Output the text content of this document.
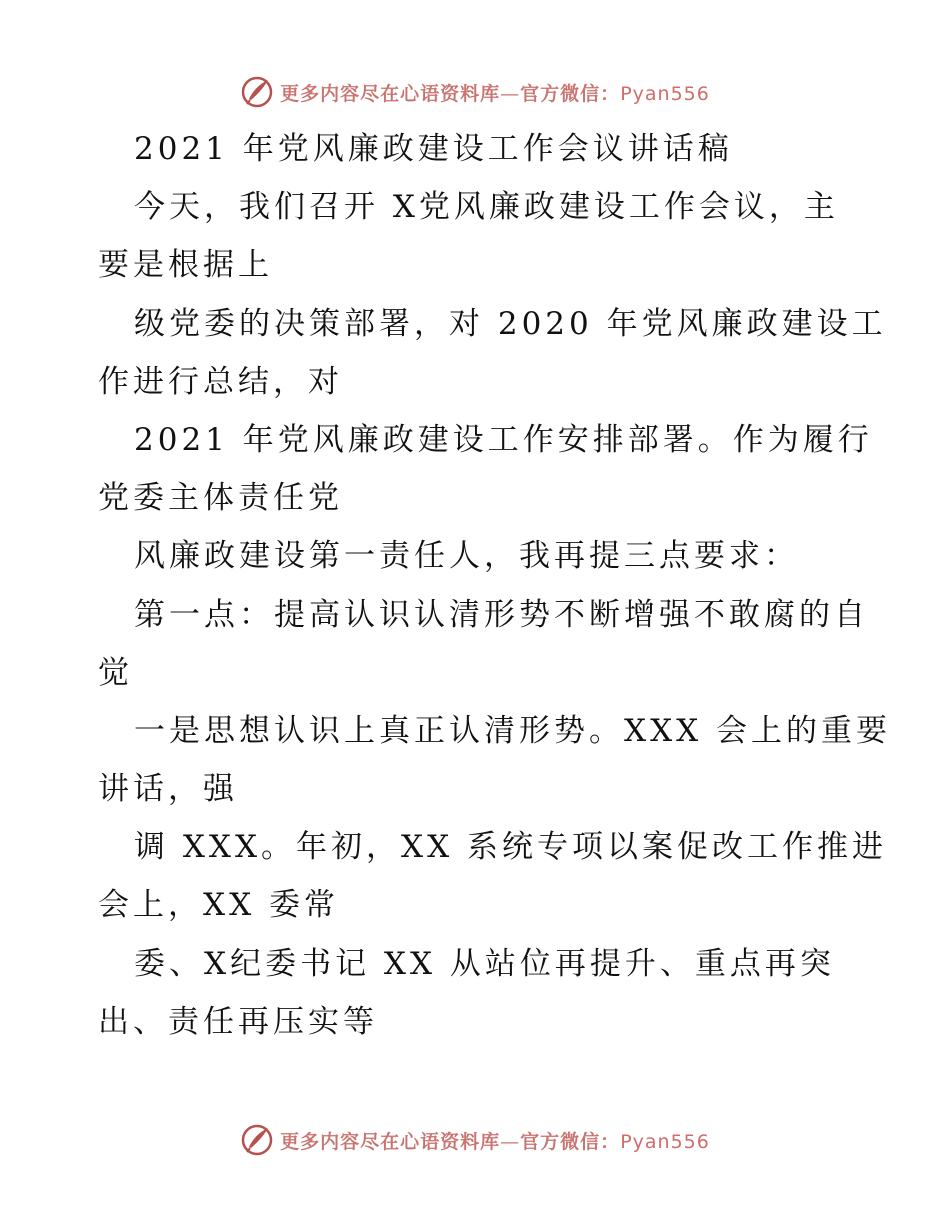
更多内容尽在心语资料库—官方微信：Pyan556
2021 年党风廉政建设工作会议讲话稿
今天，我们召开 X党风廉政建设工作会议，主
要是根据上
级党委的决策部署，对 2020 年党风廉政建设工
作进行总结，对
2021 年党风廉政建设工作安排部署。作为履行
党委主体责任党
风廉政建设第一责任人，我再提三点要求：
第一点：提高认识认清形势不断增强不敢腐的自
觉
一是思想认识上真正认清形势。XXX 会上的重要
讲话，强
调 XXX。年初，XX 系统专项以案促改工作推进
会上，XX 委常
委、X纪委书记 XX 从站位再提升、重点再突
出、责任再压实等
更多内容尽在心语资料库—官方微信：Pyan556
